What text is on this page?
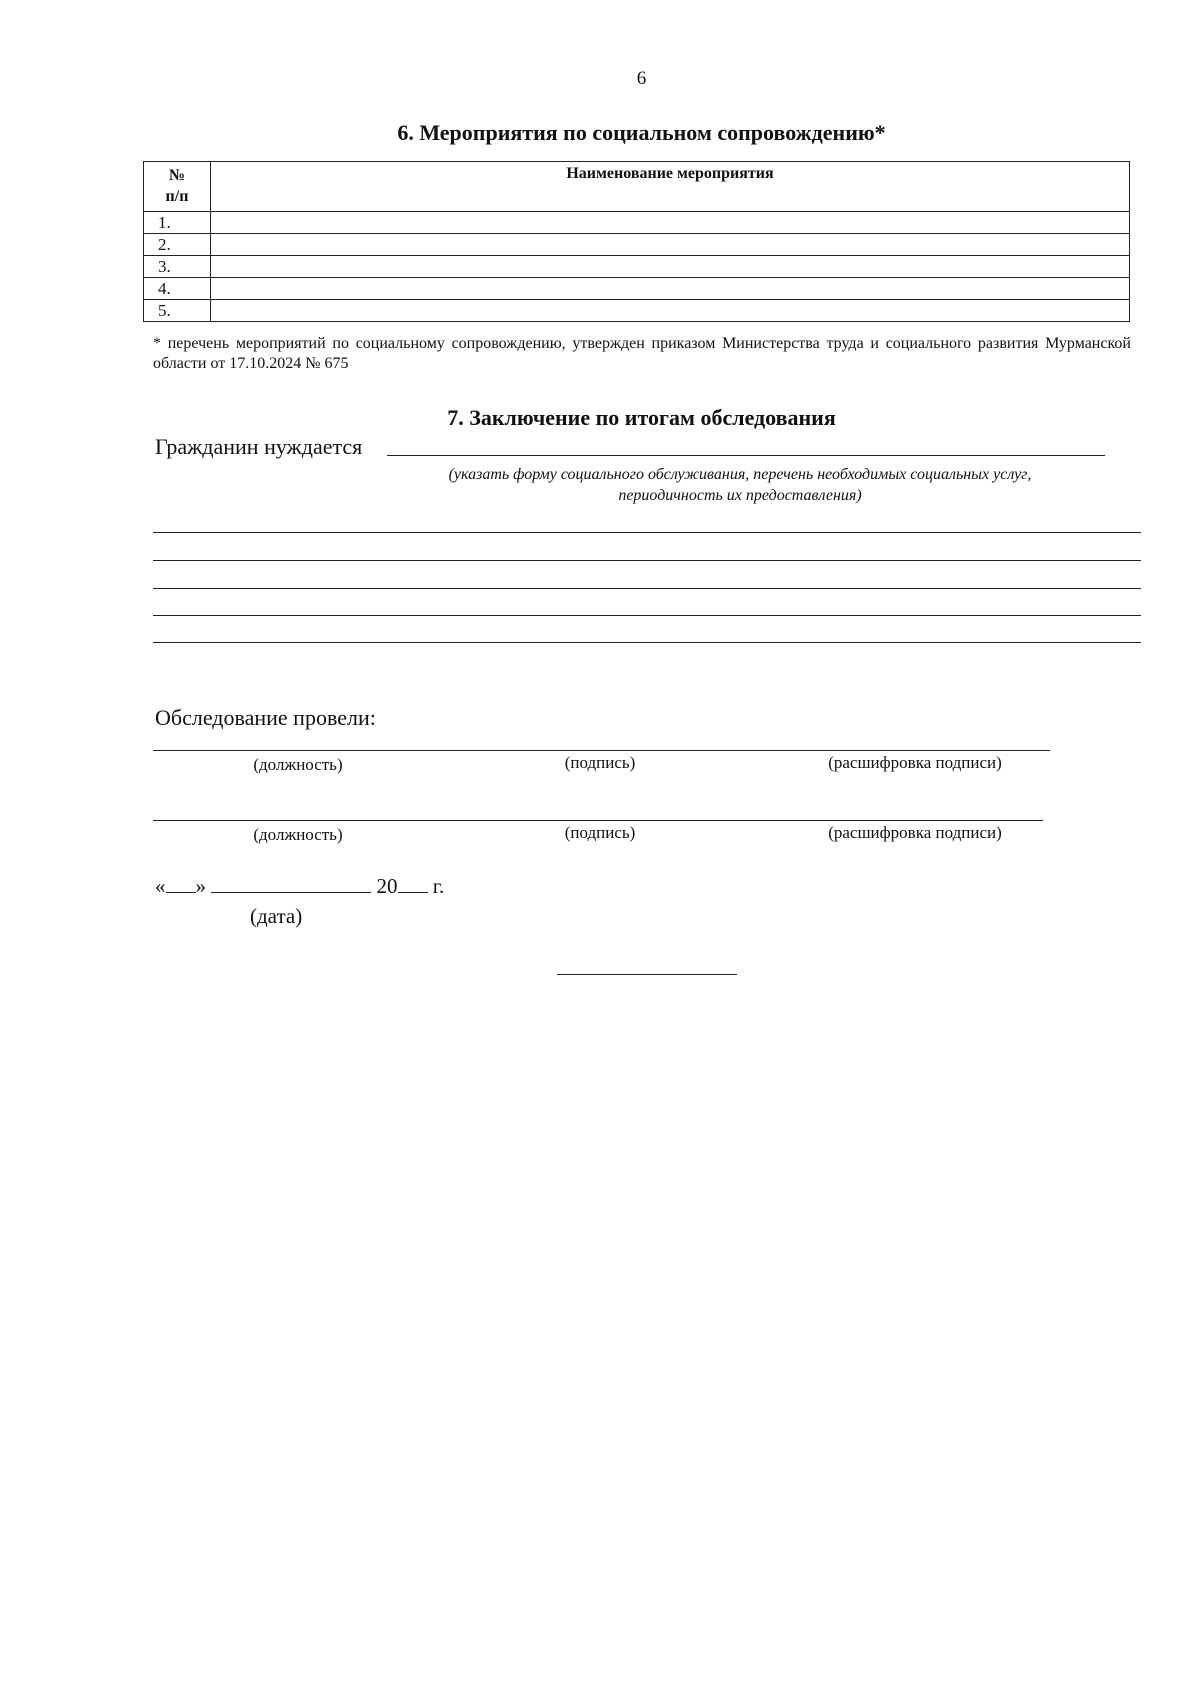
6
6. Мероприятия по социальном сопровождению*
№
п/п	Наименование мероприятия
1.	
2.	
3.	
4.	
5.	
* перечень мероприятий по социальному сопровождению, утвержден приказом Министерства труда и социального развития Мурманской области от 17.10.2024 № 675
7. Заключение по итогам обследования
Гражданин нуждается
(указать форму социального обслуживания, перечень необходимых социальных услуг,
периодичность их предоставления)
Обследование провели:
(должность)	(подпись)	(расшифровка подписи)
(должность)	(подпись)	(расшифровка подписи)
« »	20 г.
(дата)
